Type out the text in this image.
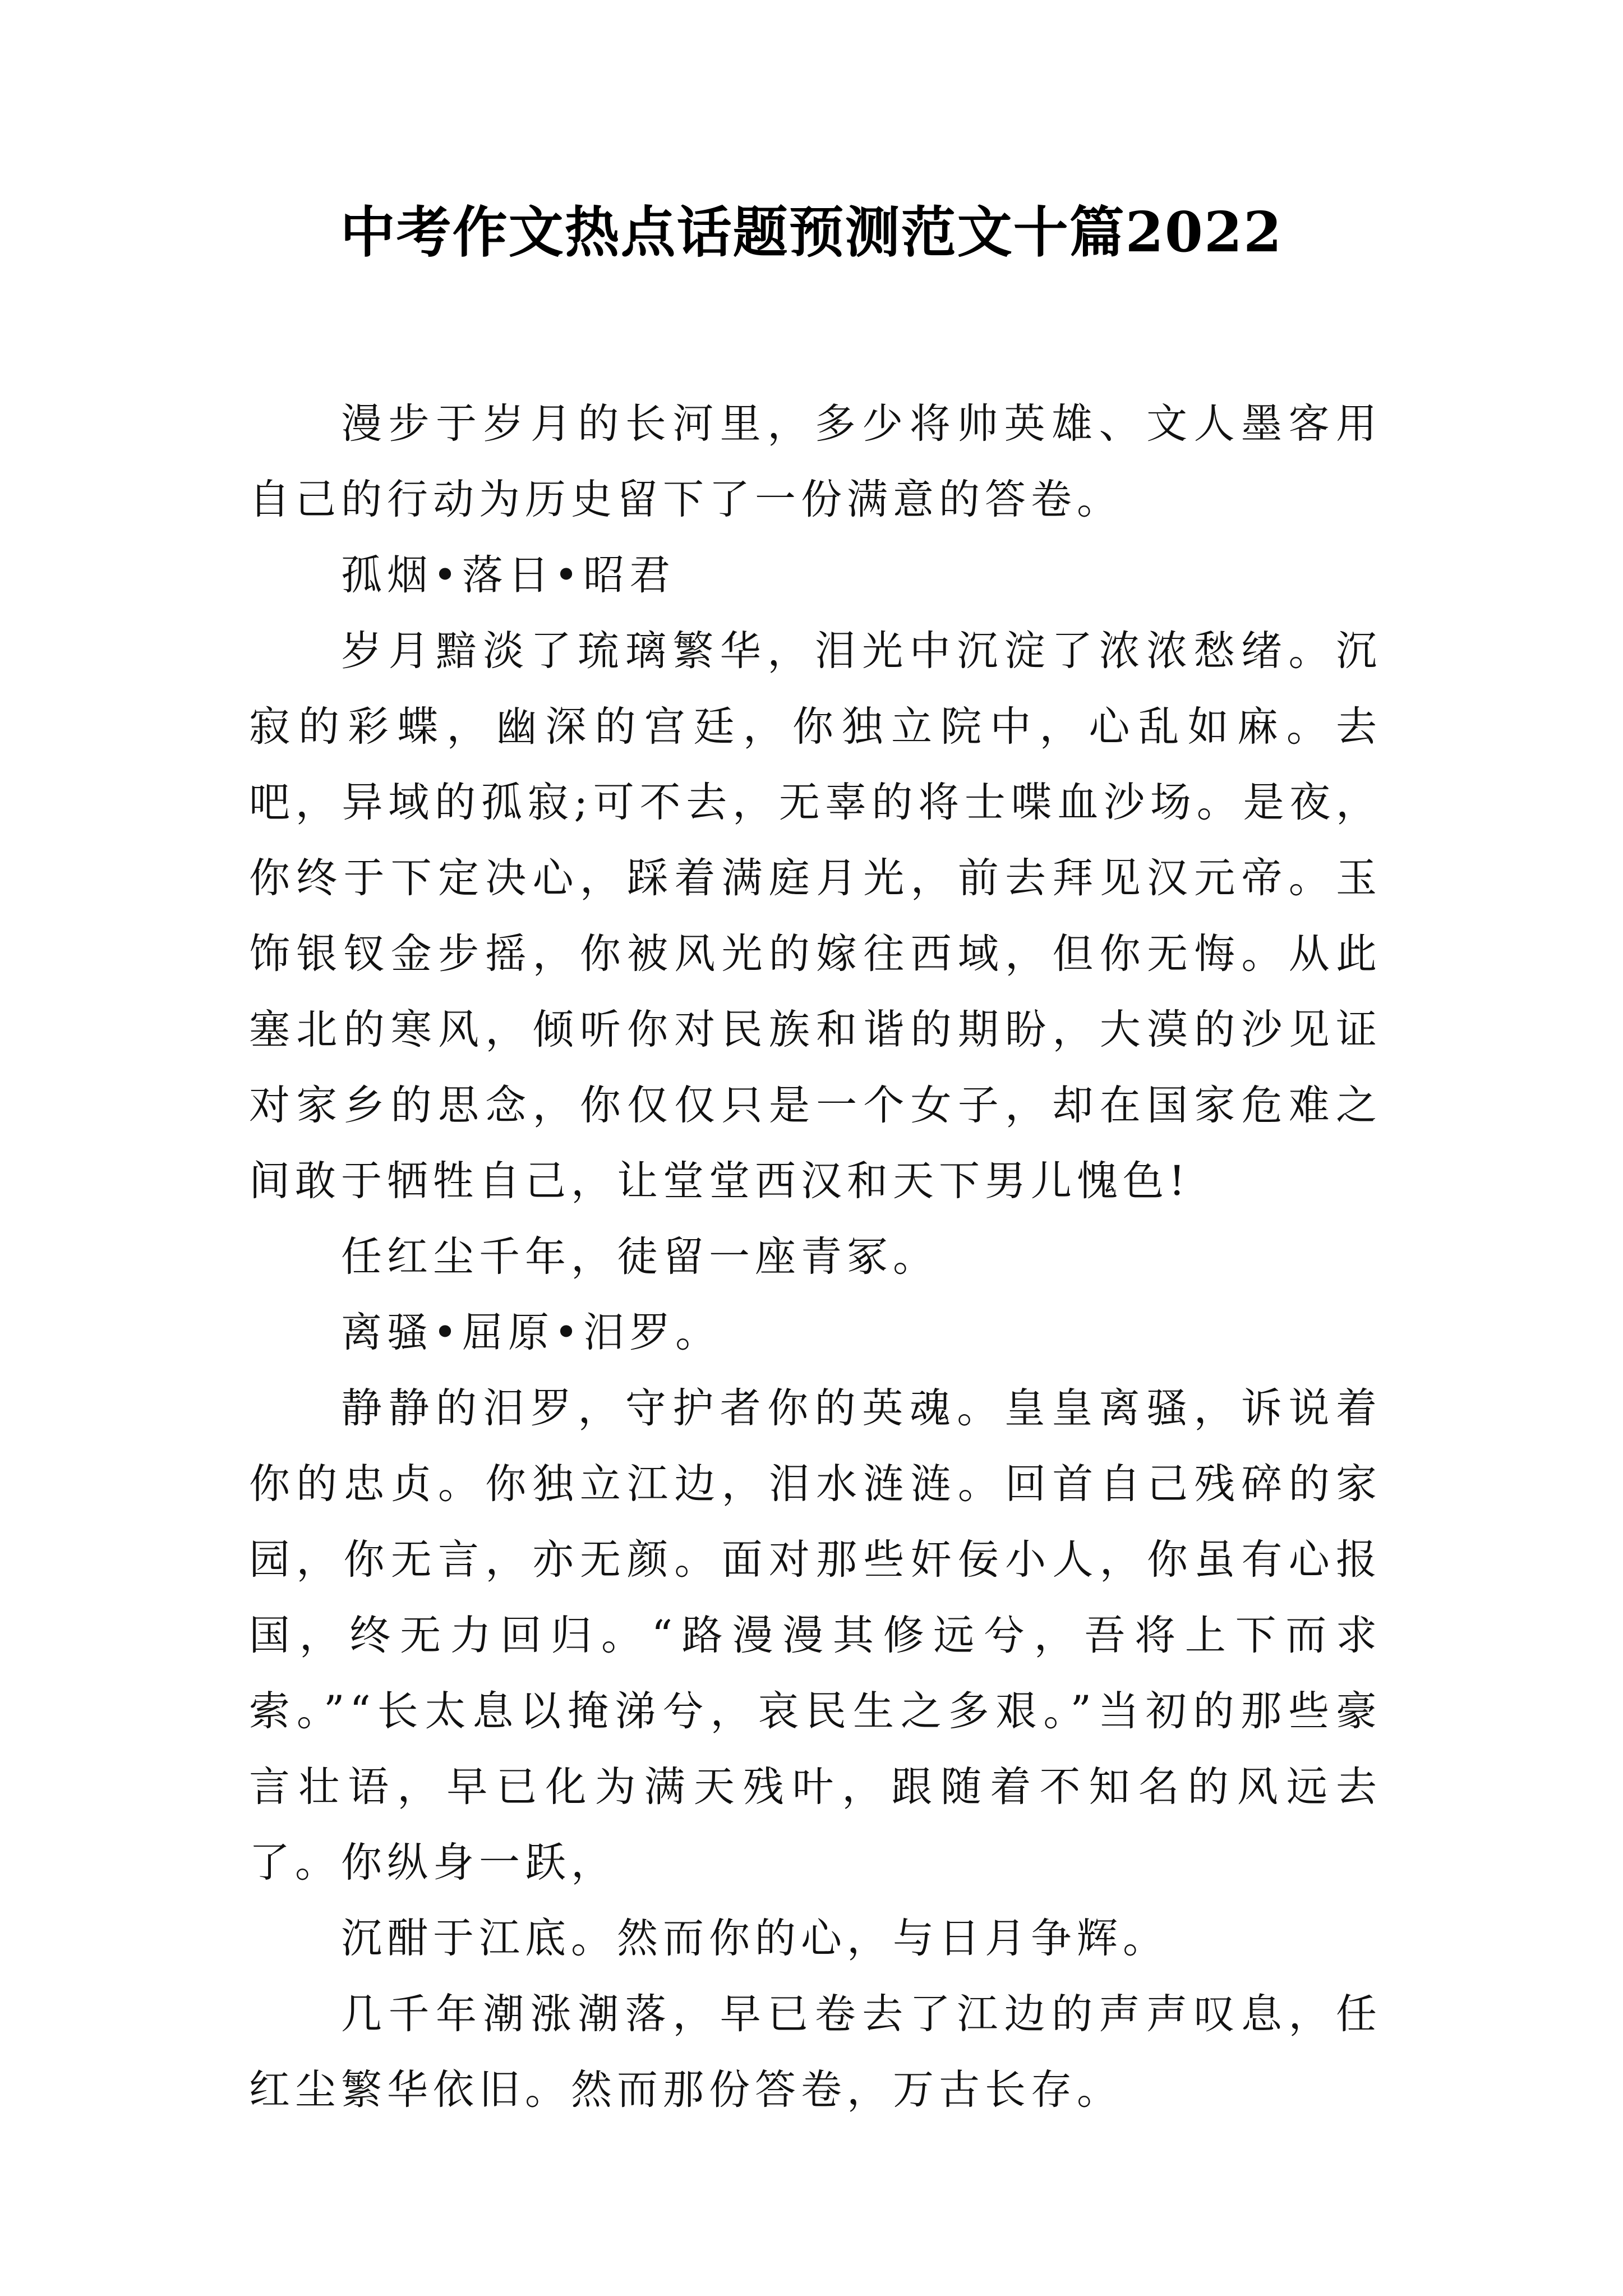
中考作文热点话题预测范文十篇2022

漫步于岁月的长河里，多少将帅英雄、文人墨客用自己的行动为历史留下了一份满意的答卷。

孤烟•落日•昭君

岁月黯淡了琉璃繁华，泪光中沉淀了浓浓愁绪。沉寂的彩蝶，幽深的宫廷，你独立院中，心乱如麻。去吧，异域的孤寂;可不去，无辜的将士喋血沙场。是夜，你终于下定决心，踩着满庭月光，前去拜见汉元帝。玉饰银钗金步摇，你被风光的嫁往西域，但你无悔。从此塞北的寒风，倾听你对民族和谐的期盼，大漠的沙见证对家乡的思念，你仅仅只是一个女子，却在国家危难之间敢于牺牲自己，让堂堂西汉和天下男儿愧色!

任红尘千年，徒留一座青冢。

离骚•屈原•汨罗。

静静的汨罗，守护者你的英魂。皇皇离骚，诉说着你的忠贞。你独立江边，泪水涟涟。回首自己残碎的家园，你无言，亦无颜。面对那些奸佞小人，你虽有心报国，终无力回归。“路漫漫其修远兮，吾将上下而求索。”“长太息以掩涕兮，哀民生之多艰。”当初的那些豪言壮语，早已化为满天残叶，跟随着不知名的风远去了。你纵身一跃，

沉酣于江底。然而你的心，与日月争辉。

几千年潮涨潮落，早已卷去了江边的声声叹息，任红尘繁华依旧。然而那份答卷，万古长存。
